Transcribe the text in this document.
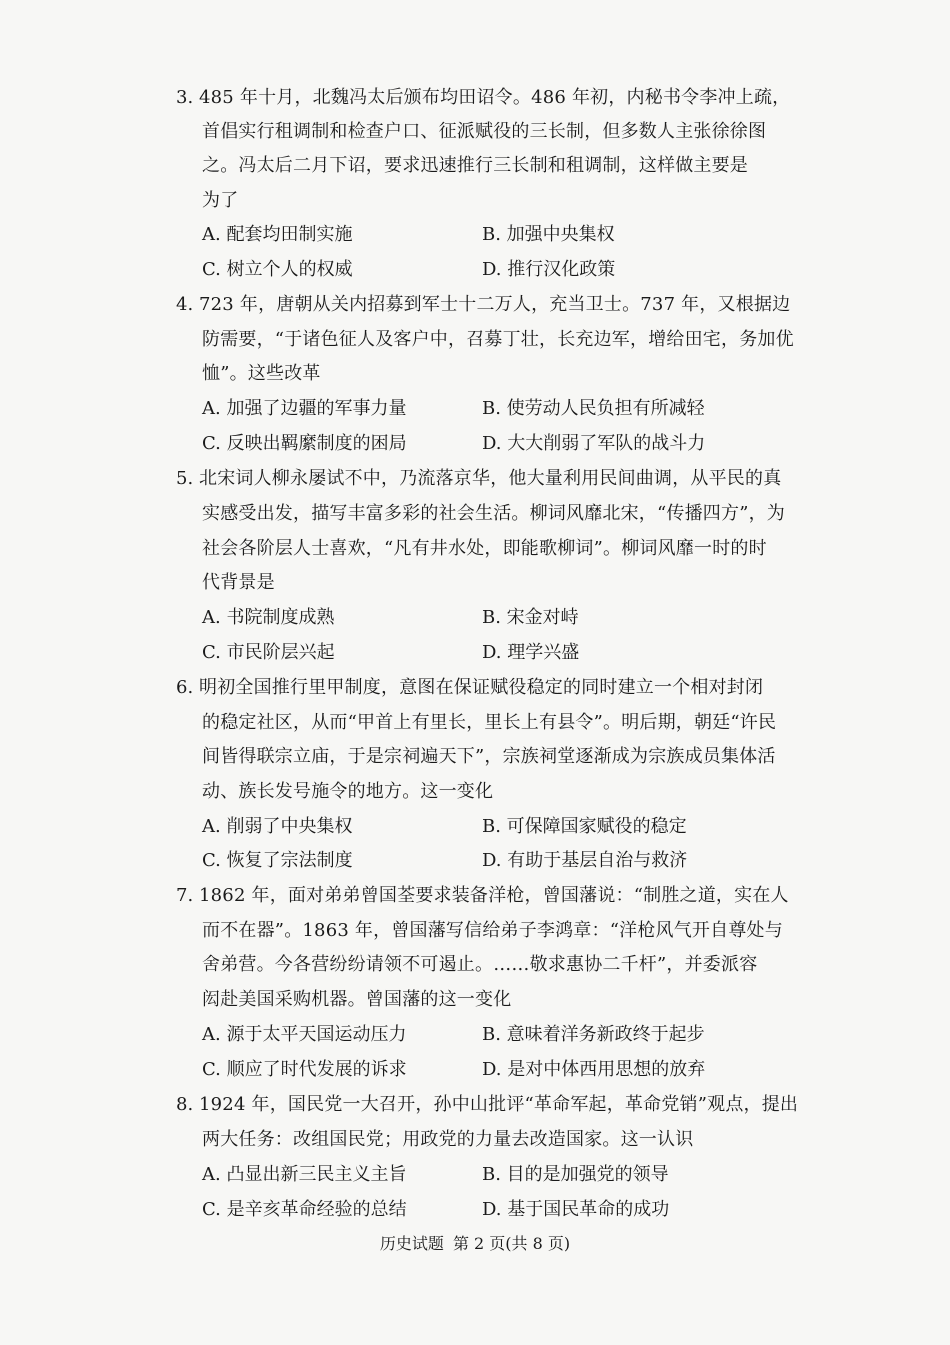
3. 485 年十月，北魏冯太后颁布均田诏令。486 年初，内秘书令李冲上疏，
首倡实行租调制和检查户口、征派赋役的三长制，但多数人主张徐徐图
之。冯太后二月下诏，要求迅速推行三长制和租调制，这样做主要是
为了
A. 配套均田制实施	B. 加强中央集权
C. 树立个人的权威	D. 推行汉化政策
4. 723 年，唐朝从关内招募到军士十二万人，充当卫士。737 年，又根据边
防需要，“于诸色征人及客户中，召募丁壮，长充边军，增给田宅，务加优
恤”。这些改革
A. 加强了边疆的军事力量	B. 使劳动人民负担有所减轻
C. 反映出羁縻制度的困局	D. 大大削弱了军队的战斗力
5. 北宋词人柳永屡试不中，乃流落京华，他大量利用民间曲调，从平民的真
实感受出发，描写丰富多彩的社会生活。柳词风靡北宋，“传播四方”，为
社会各阶层人士喜欢，“凡有井水处，即能歌柳词”。柳词风靡一时的时
代背景是
A. 书院制度成熟	B. 宋金对峙
C. 市民阶层兴起	D. 理学兴盛
6. 明初全国推行里甲制度，意图在保证赋役稳定的同时建立一个相对封闭
的稳定社区，从而“甲首上有里长，里长上有县令”。明后期，朝廷“许民
间皆得联宗立庙，于是宗祠遍天下”，宗族祠堂逐渐成为宗族成员集体活
动、族长发号施令的地方。这一变化
A. 削弱了中央集权	B. 可保障国家赋役的稳定
C. 恢复了宗法制度	D. 有助于基层自治与救济
7. 1862 年，面对弟弟曾国荃要求装备洋枪，曾国藩说：“制胜之道，实在人
而不在器”。1863 年，曾国藩写信给弟子李鸿章：“洋枪风气开自尊处与
舍弟营。今各营纷纷请领不可遏止。……敬求惠协二千杆”，并委派容
闳赴美国采购机器。曾国藩的这一变化
A. 源于太平天国运动压力	B. 意味着洋务新政终于起步
C. 顺应了时代发展的诉求	D. 是对中体西用思想的放弃
8. 1924 年，国民党一大召开，孙中山批评“革命军起，革命党销”观点，提出
两大任务：改组国民党；用政党的力量去改造国家。这一认识
A. 凸显出新三民主义主旨	B. 目的是加强党的领导
C. 是辛亥革命经验的总结	D. 基于国民革命的成功
历史试题 第 2 页(共 8 页)
